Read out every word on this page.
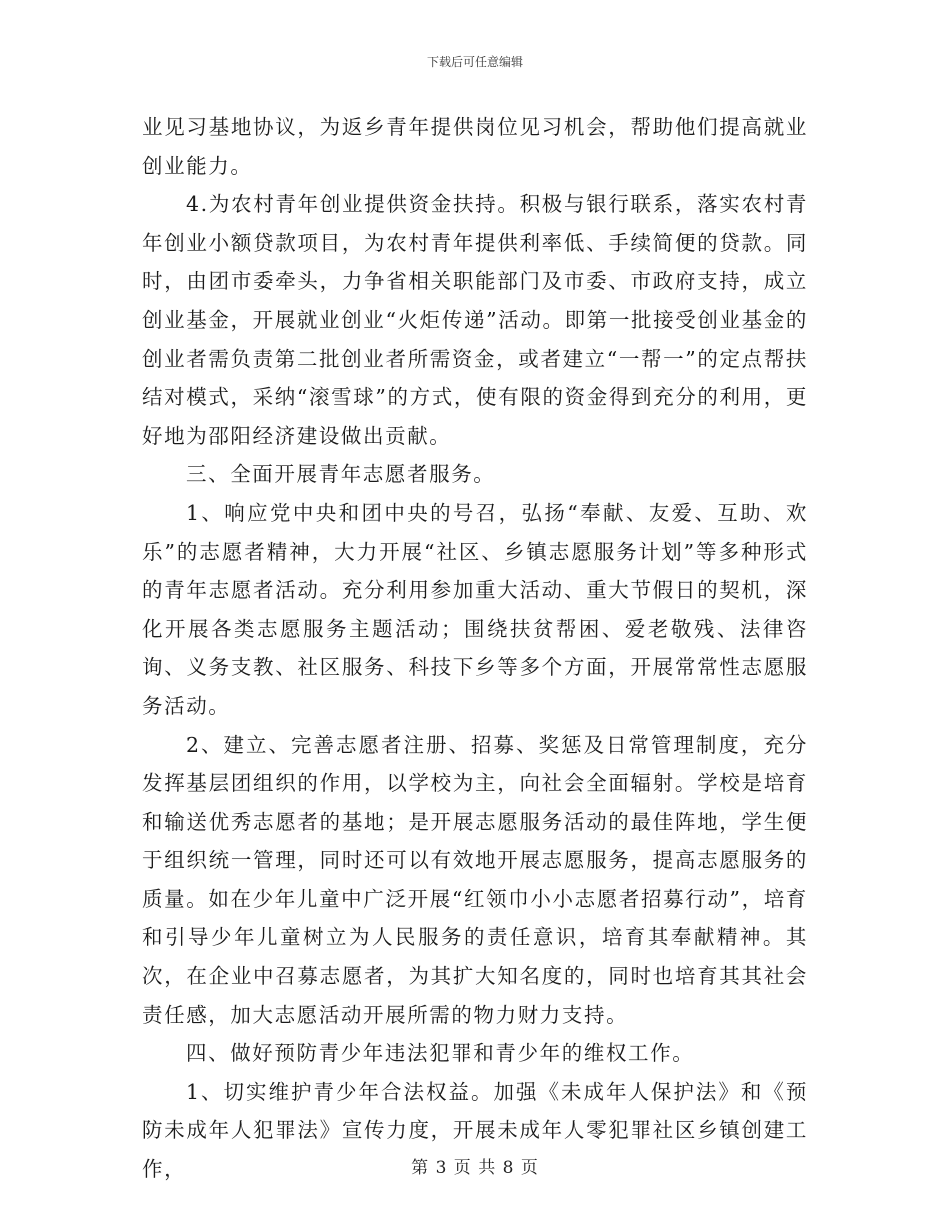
下载后可任意编辑

业见习基地协议，为返乡青年提供岗位见习机会，帮助他们提高就业创业能力。

4.为农村青年创业提供资金扶持。积极与银行联系，落实农村青年创业小额贷款项目，为农村青年提供利率低、手续简便的贷款。同时，由团市委牵头，力争省相关职能部门及市委、市政府支持，成立创业基金，开展就业创业“火炬传递”活动。即第一批接受创业基金的创业者需负责第二批创业者所需资金，或者建立“一帮一”的定点帮扶结对模式，采纳“滚雪球”的方式，使有限的资金得到充分的利用，更好地为邵阳经济建设做出贡献。

三、全面开展青年志愿者服务。

1、响应党中央和团中央的号召，弘扬“奉献、友爱、互助、欢乐”的志愿者精神，大力开展“社区、乡镇志愿服务计划”等多种形式的青年志愿者活动。充分利用参加重大活动、重大节假日的契机，深化开展各类志愿服务主题活动；围绕扶贫帮困、爱老敬残、法律咨询、义务支教、社区服务、科技下乡等多个方面，开展常常性志愿服务活动。

2、建立、完善志愿者注册、招募、奖惩及日常管理制度，充分发挥基层团组织的作用，以学校为主，向社会全面辐射。学校是培育和输送优秀志愿者的基地；是开展志愿服务活动的最佳阵地，学生便于组织统一管理，同时还可以有效地开展志愿服务，提高志愿服务的质量。如在少年儿童中广泛开展“红领巾小小志愿者招募行动”，培育和引导少年儿童树立为人民服务的责任意识，培育其奉献精神。其次，在企业中召募志愿者，为其扩大知名度的，同时也培育其其社会责任感，加大志愿活动开展所需的物力财力支持。

四、做好预防青少年违法犯罪和青少年的维权工作。

1、切实维护青少年合法权益。加强《未成年人保护法》和《预防未成年人犯罪法》宣传力度，开展未成年人零犯罪社区乡镇创建工作，	第 3 页 共 8 页
